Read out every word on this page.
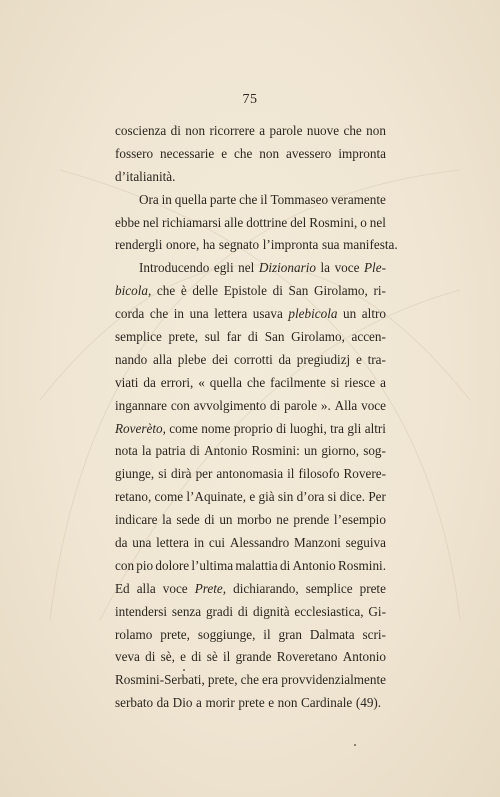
75
coscienza di non ricorrere a parole nuove che non
fossero necessarie e che non avessero impronta
d’italianità.
Ora in quella parte che il Tommaseo veramente
ebbe nel richiamarsi alle dottrine del Rosmini, o nel
rendergli onore, ha segnato l’impronta sua manifesta.
Introducendo egli nel Dizionario la voce Ple-
bicola, che è delle Epistole di San Girolamo, ri-
corda che in una lettera usava plebicola un altro
semplice prete, sul far di San Girolamo, accen-
nando alla plebe dei corrotti da pregiudizj e tra-
viati da errori, « quella che facilmente si riesce a
ingannare con avvolgimento di parole ». Alla voce
Roverèto, come nome proprio di luoghi, tra gli altri
nota la patria di Antonio Rosmini: un giorno, sog-
giunge, si dirà per antonomasia il filosofo Rovere-
retano, come l’Aquinate, e già sin d’ora si dice. Per
indicare la sede di un morbo ne prende l’esempio
da una lettera in cui Alessandro Manzoni seguiva
con pio dolore l’ultima malattia di Antonio Rosmini.
Ed alla voce Prete, dichiarando, semplice prete
intendersi senza gradi di dignità ecclesiastica, Gi-
rolamo prete, soggiunge, il gran Dalmata scri-
veva di sè, e di sè il grande Roveretano Antonio
Rosmini-Serbati, prete, che era provvidenzialmente
serbato da Dio a morir prete e non Cardinale (49).
